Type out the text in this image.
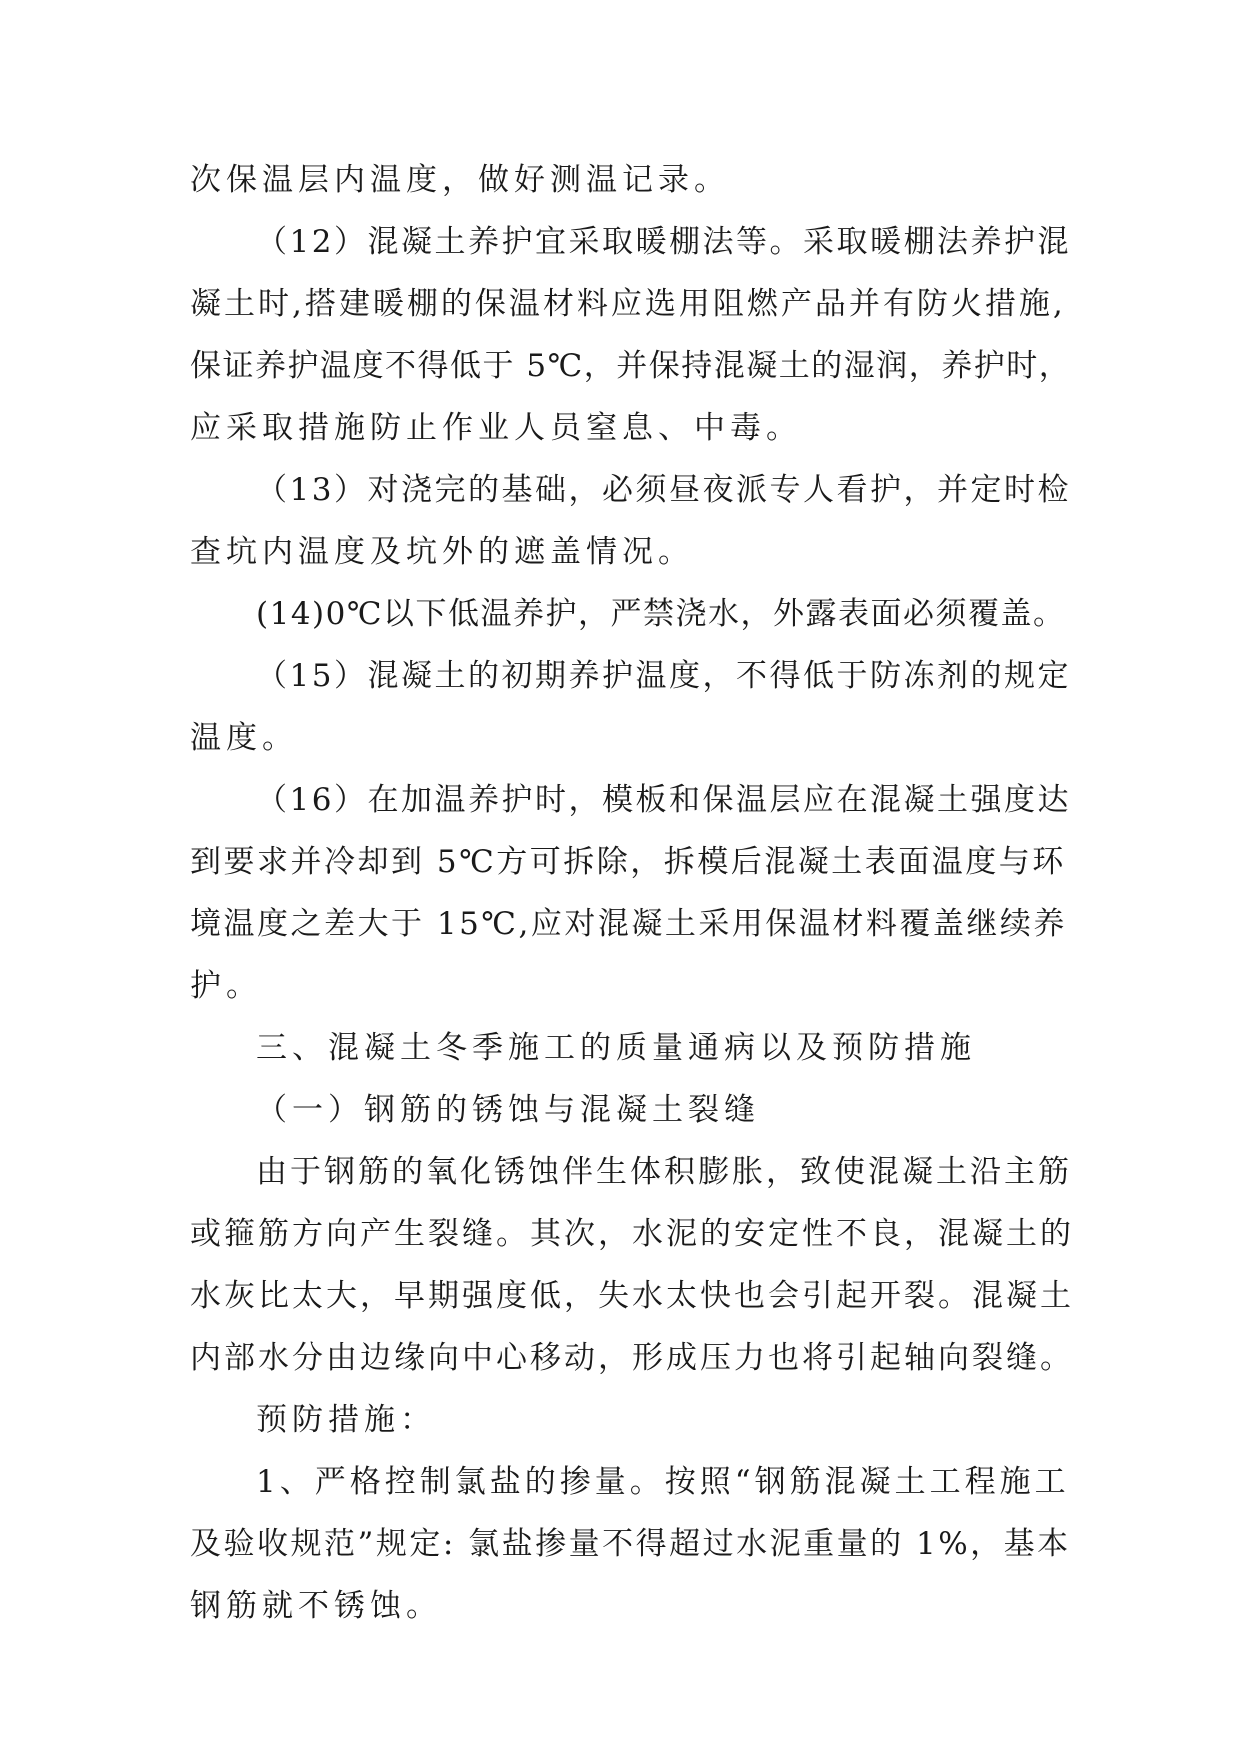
次保温层内温度，做好测温记录。
（12）混凝土养护宜采取暖棚法等。采取暖棚法养护混
凝土时,搭建暖棚的保温材料应选用阻燃产品并有防火措施,
保证养护温度不得低于 5℃，并保持混凝土的湿润，养护时，
应采取措施防止作业人员窒息、中毒。
（13）对浇完的基础，必须昼夜派专人看护，并定时检
查坑内温度及坑外的遮盖情况。
(14)0℃以下低温养护，严禁浇水，外露表面必须覆盖。
（15）混凝土的初期养护温度，不得低于防冻剂的规定
温度。
（16）在加温养护时，模板和保温层应在混凝土强度达
到要求并冷却到 5℃方可拆除，拆模后混凝土表面温度与环
境温度之差大于 15℃,应对混凝土采用保温材料覆盖继续养
护。
三、混凝土冬季施工的质量通病以及预防措施
（一）钢筋的锈蚀与混凝土裂缝
由于钢筋的氧化锈蚀伴生体积膨胀，致使混凝土沿主筋
或箍筋方向产生裂缝。其次，水泥的安定性不良，混凝土的
水灰比太大，早期强度低，失水太快也会引起开裂。混凝土
内部水分由边缘向中心移动，形成压力也将引起轴向裂缝。
预防措施：
1、严格控制氯盐的掺量。按照“钢筋混凝土工程施工
及验收规范”规定: 氯盐掺量不得超过水泥重量的 1%，基本
钢筋就不锈蚀。
